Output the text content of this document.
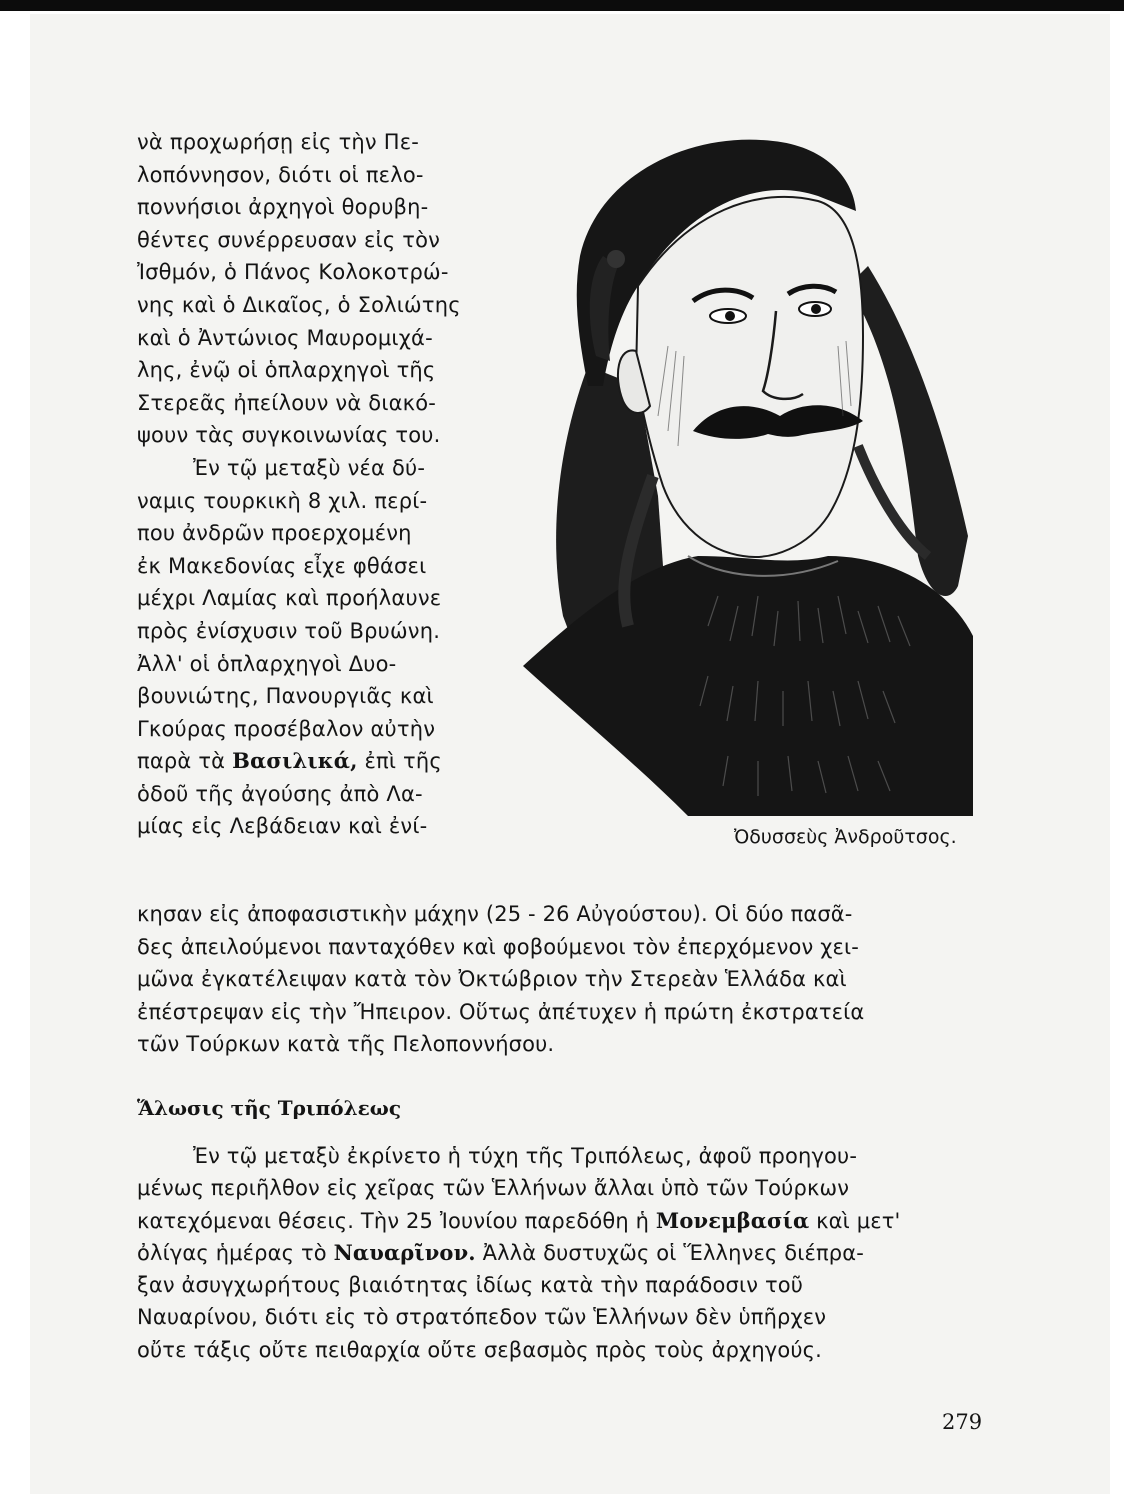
νὰ προχωρήσῃ εἰς τὴν Πε-
λοπόννησον, διότι οἱ πελο-
ποννήσιοι ἀρχηγοὶ θορυβη-
θέντες συνέρρευσαν εἰς τὸν
Ἰσθμόν, ὁ Πάνος Κολοκοτρώ-
νης καὶ ὁ Δικαῖος, ὁ Σολιώτης
καὶ ὁ Ἀντώνιος Μαυρομιχά-
λης, ἐνῷ οἱ ὁπλαρχηγοὶ τῆς
Στερεᾶς ἠπείλουν νὰ διακό-
ψουν τὰς συγκοινωνίας του.
Ἐν τῷ μεταξὺ νέα δύ-
ναμις τουρκικὴ 8 χιλ. περί-
που ἀνδρῶν προερχομένη
ἐκ Μακεδονίας εἶχε φθάσει
μέχρι Λαμίας καὶ προήλαυνε
πρὸς ἐνίσχυσιν τοῦ Βρυώνη.
Ἀλλ' οἱ ὁπλαρχηγοὶ Δυο-
βουνιώτης, Πανουργιᾶς καὶ
Γκούρας προσέβαλον αὐτὴν
παρὰ τὰ Βασιλικά, ἐπὶ τῆς
ὁδοῦ τῆς ἀγούσης ἀπὸ Λα-
μίας εἰς Λεβάδειαν καὶ ἐνί-	Ὀδυσσεὺς Ἀνδροῦτσος.
κησαν εἰς ἀποφασιστικὴν μάχην (25 - 26 Αὐγούστου). Οἱ δύο πασᾶ-
δες ἀπειλούμενοι πανταχόθεν καὶ φοβούμενοι τὸν ἐπερχόμενον χει-
μῶνα ἐγκατέλειψαν κατὰ τὸν Ὀκτώβριον τὴν Στερεὰν Ἑλλάδα καὶ
ἐπέστρεψαν εἰς τὴν Ἤπειρον. Οὕτως ἀπέτυχεν ἡ πρώτη ἐκστρατεία
τῶν Τούρκων κατὰ τῆς Πελοποννήσου.
Ἅλωσις τῆς Τριπόλεως
Ἐν τῷ μεταξὺ ἐκρίνετο ἡ τύχη τῆς Τριπόλεως, ἀφοῦ προηγου-
μένως περιῆλθον εἰς χεῖρας τῶν Ἑλλήνων ἄλλαι ὑπὸ τῶν Τούρκων
κατεχόμεναι θέσεις. Τὴν 25 Ἰουνίου παρεδόθη ἡ Μονεμβασία καὶ μετ'
ὀλίγας ἡμέρας τὸ Ναυαρῖνον. Ἀλλὰ δυστυχῶς οἱ Ἕλληνες διέπρα-
ξαν ἀσυγχωρήτους βιαιότητας ἰδίως κατὰ τὴν παράδοσιν τοῦ
Ναυαρίνου, διότι εἰς τὸ στρατόπεδον τῶν Ἑλλήνων δὲν ὑπῆρχεν
οὔτε τάξις οὔτε πειθαρχία οὔτε σεβασμὸς πρὸς τοὺς ἀρχηγούς.
279
